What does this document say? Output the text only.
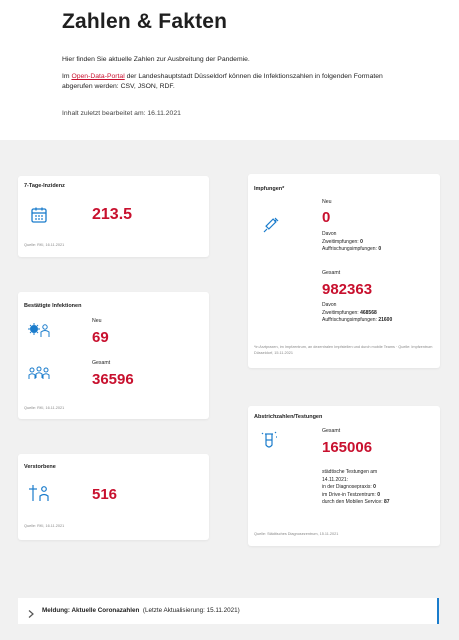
Zahlen & Fakten

Hier finden Sie aktuelle Zahlen zur Ausbreitung der Pandemie.

Im Open-Data-Portal der Landeshauptstadt Düsseldorf können die Infektionszahlen in folgenden Formaten abgerufen werden: CSV, JSON, RDF.

Inhalt zuletzt bearbeitet am: 16.11.2021

7-Tage-Inzidenz
213.5
Quelle: RKI, 16.11.2021
Bestätigte Infektionen
Neu
69
Gesamt
36596
Quelle: RKI, 16.11.2021
Verstorbene
516
Quelle: RKI, 16.11.2021
Impfungen*
Neu
0
Davon
Zweitimpfungen: 0
Auffrischungsimpfungen: 0
Gesamt
982363
Davon
Zweitimpfungen: 468568
Auffrischungsimpfungen: 21600
*in Arztpraxen, im Impfzentrum, an dezentralen Impfstellen und durch mobile Teams · Quelle: Impfzentrum Düsseldorf, 15.11.2021
Abstrichzahlen/Testungen
Gesamt
165006
städtische Testungen am
14.11.2021:
in der Diagnosepraxis: 0
im Drive-in Testzentrum: 0
durch den Mobilen Service: 87
Quelle: Städtisches Diagnosezentrum, 15.11.2021
Meldung: Aktuelle Coronazahlen (Letzte Aktualisierung: 15.11.2021)
